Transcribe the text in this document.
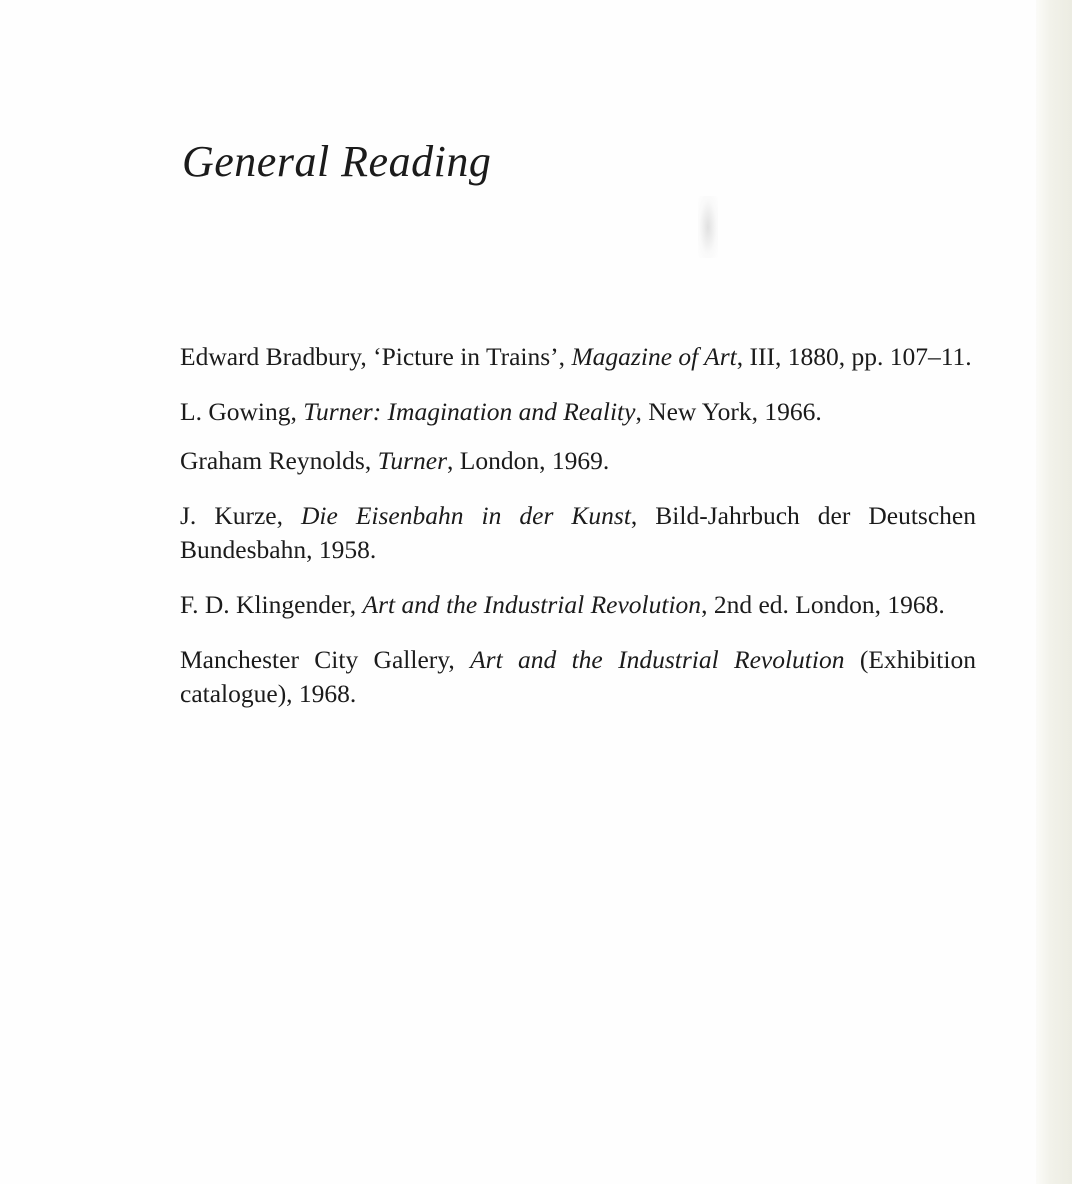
General Reading

Edward Bradbury, ‘Picture in Trains’, Magazine of Art, III, 1880, pp. 107–11.

L. Gowing, Turner: Imagination and Reality, New York, 1966.

Graham Reynolds, Turner, London, 1969.

J. Kurze, Die Eisenbahn in der Kunst, Bild-Jahrbuch der Deutschen Bundesbahn, 1958.

F. D. Klingender, Art and the Industrial Revolution, 2nd ed. London, 1968.

Manchester City Gallery, Art and the Industrial Revolution (Exhibition catalogue), 1968.
